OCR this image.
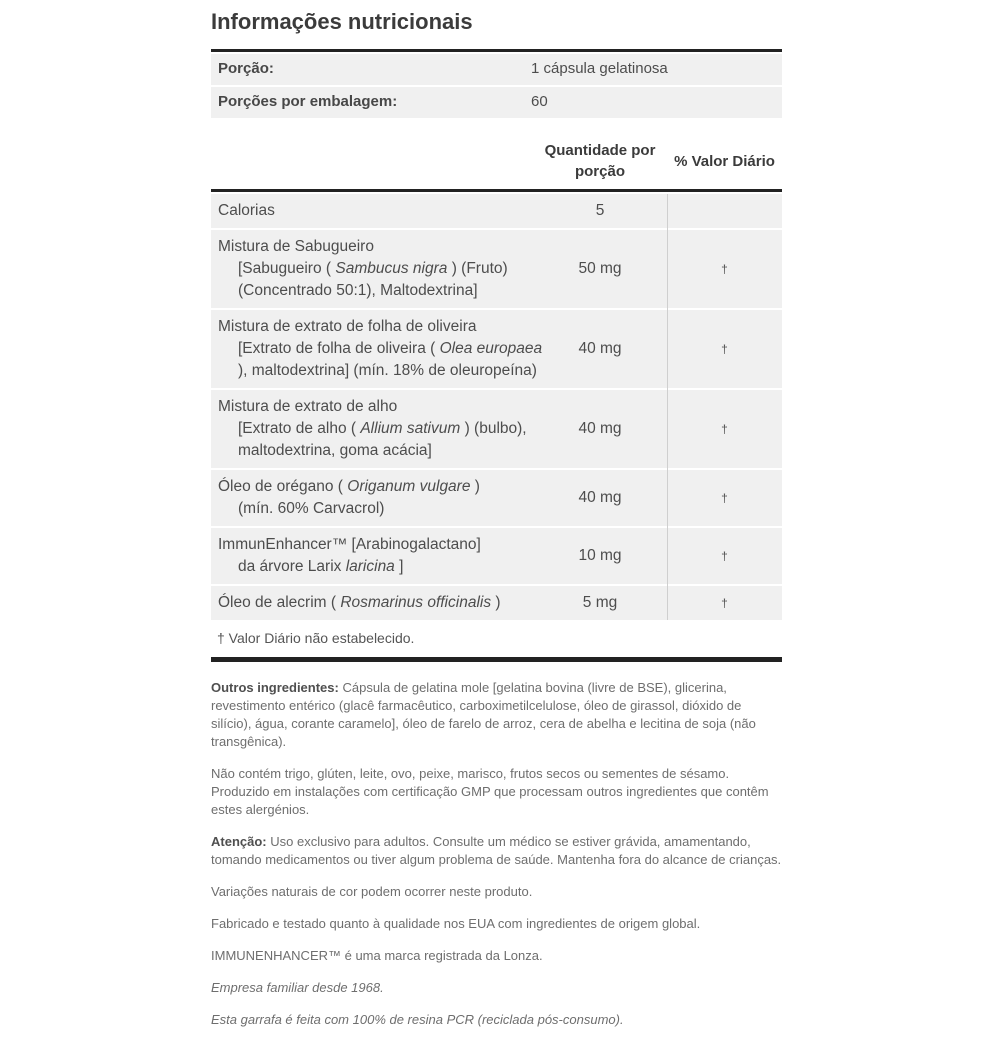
Informações nutricionais
Porção:	1 cápsula gelatinosa
Porções por embalagem:	60
Quantidade por porção
% Valor Diário
Calorias	5
Mistura de Sabugueiro
[Sabugueiro ( Sambucus nigra ) (Fruto)
(Concentrado 50:1), Maltodextrina]
50 mg	†
Mistura de extrato de folha de oliveira
[Extrato de folha de oliveira ( Olea europaea
), maltodextrina] (mín. 18% de oleuropeína)
40 mg	†
Mistura de extrato de alho
[Extrato de alho ( Allium sativum ) (bulbo),
maltodextrina, goma acácia]
40 mg	†
Óleo de orégano ( Origanum vulgare )
(mín. 60% Carvacrol)
40 mg	†
ImmunEnhancer™ [Arabinogalactano]
da árvore Larix laricina ]
10 mg	†
Óleo de alecrim ( Rosmarinus officinalis )	5 mg	†
† Valor Diário não estabelecido.

Outros ingredientes: Cápsula de gelatina mole [gelatina bovina (livre de BSE), glicerina, revestimento entérico (glacê farmacêutico, carboximetilcelulose, óleo de girassol, dióxido de silício), água, corante caramelo], óleo de farelo de arroz, cera de abelha e lecitina de soja (não transgênica).

Não contém trigo, glúten, leite, ovo, peixe, marisco, frutos secos ou sementes de sésamo. Produzido em instalações com certificação GMP que processam outros ingredientes que contêm estes alergénios.

Atenção: Uso exclusivo para adultos. Consulte um médico se estiver grávida, amamentando, tomando medicamentos ou tiver algum problema de saúde. Mantenha fora do alcance de crianças.

Variações naturais de cor podem ocorrer neste produto.

Fabricado e testado quanto à qualidade nos EUA com ingredientes de origem global.

IMMUNENHANCER™ é uma marca registrada da Lonza.

Empresa familiar desde 1968.

Esta garrafa é feita com 100% de resina PCR (reciclada pós-consumo).
